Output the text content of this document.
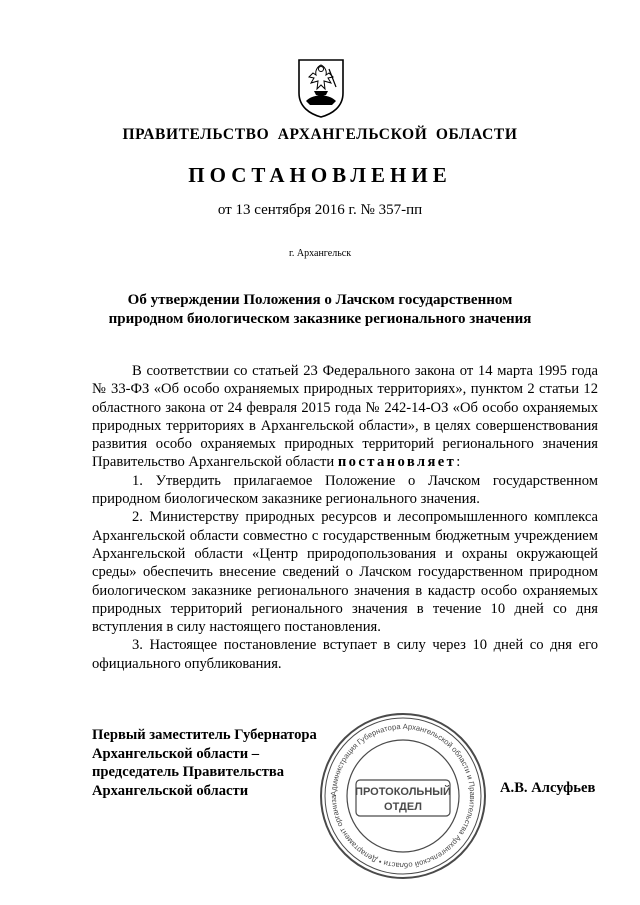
ПРАВИТЕЛЬСТВО АРХАНГЕЛЬСКОЙ ОБЛАСТИ
ПОСТАНОВЛЕНИЕ
от 13 сентября 2016 г. № 357-пп
г. Архангельск
Об утверждении Положения о Лачском государственном
природном биологическом заказнике регионального значения

В соответствии со статьей 23 Федерального закона от 14 марта 1995 года № 33-ФЗ «Об особо охраняемых природных территориях», пунктом 2 статьи 12 областного закона от 24 февраля 2015 года № 242-14-ОЗ «Об особо охраняемых природных территориях в Архангельской области», в целях совершенствования развития особо охраняемых природных территорий регионального значения Правительство Архангельской области постановляет:

1. Утвердить прилагаемое Положение о Лачском государственном природном биологическом заказнике регионального значения.

2. Министерству природных ресурсов и лесопромышленного комплекса Архангельской области совместно с государственным бюджетным учреждением Архангельской области «Центр природопользования и охраны окружающей среды» обеспечить внесение сведений о Лачском государственном природном биологическом заказнике регионального значения в кадастр особо охраняемых природных территорий регионального значения в течение 10 дней со дня вступления в силу настоящего постановления.

3. Настоящее постановление вступает в силу через 10 дней со дня его официального опубликования.

Администрация Губернатора Архангельской области и Правительства Архангельской области • Департамент организа	ПРОТОКОЛЬНЫЙ
ОТДЕЛ
Первый заместитель Губернатора
Архангельской области –
председатель Правительства
Архангельской области	А.В. Алсуфьев
